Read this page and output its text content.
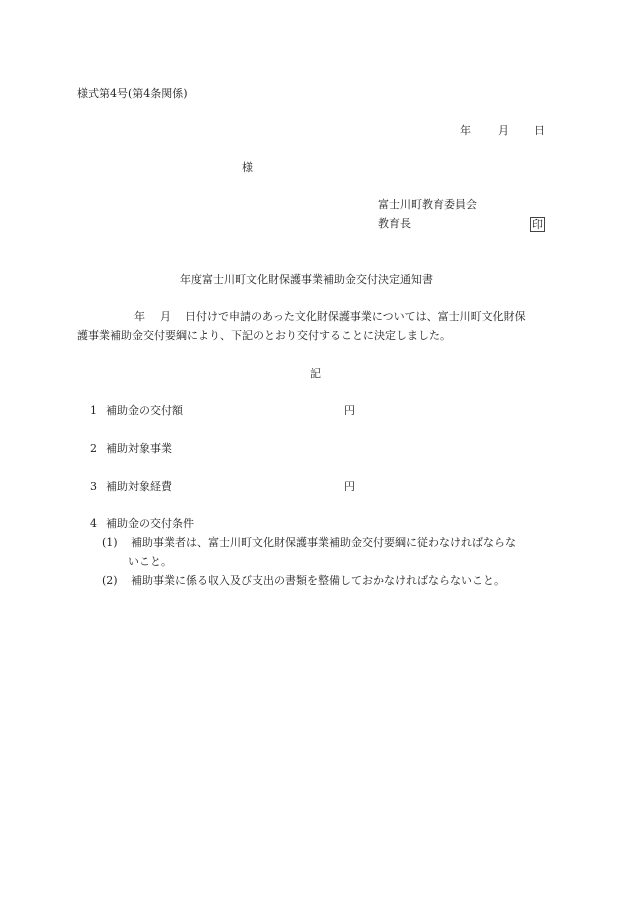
様式第4号(第4条関係)
年 月 日
様
富士川町教育委員会
教育長	印
年度富士川町文化財保護事業補助金交付決定通知書
年 月 日付けで申請のあった文化財保護事業については、富士川町文化財保
護事業補助金交付要綱により、下記のとおり交付することに決定しました。
記
1 補助金の交付額	円
2 補助対象事業
3 補助対象経費	円
4 補助金の交付条件
(1) 補助事業者は、富士川町文化財保護事業補助金交付要綱に従わなければならな
いこと。
(2) 補助事業に係る収入及び支出の書類を整備しておかなければならないこと。
